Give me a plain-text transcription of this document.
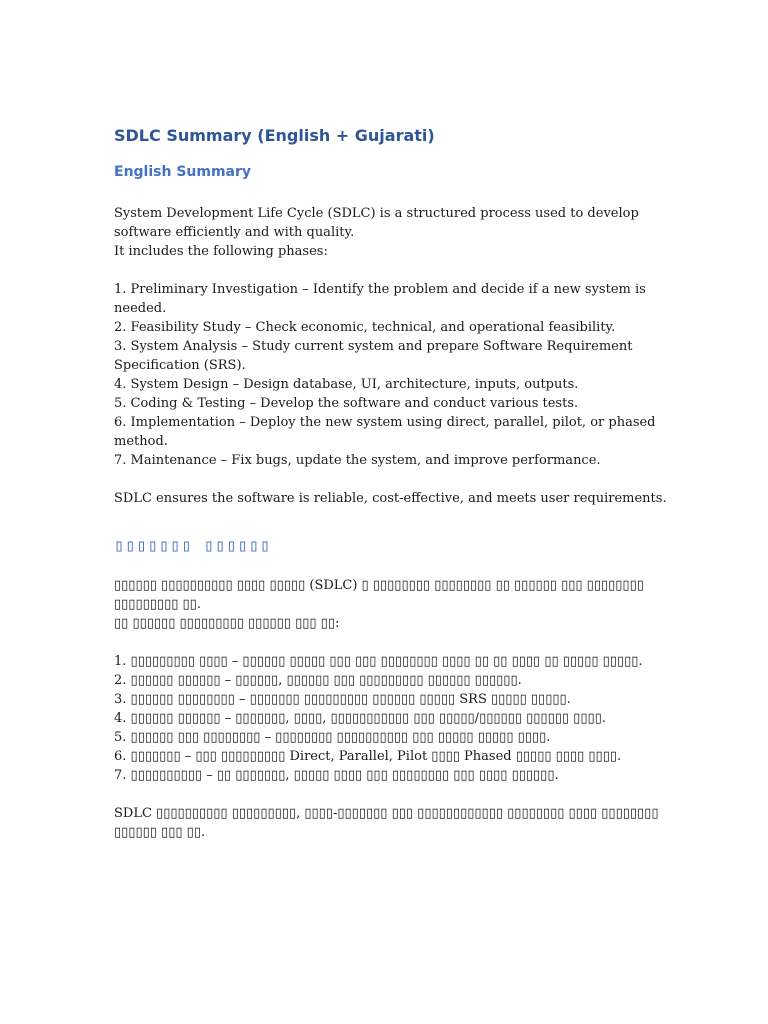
SDLC Summary (English + Gujarati)
English Summary

System Development Life Cycle (SDLC) is a structured process used to develop software efficiently and with quality.

It includes the following phases:

1. Preliminary Investigation – Identify the problem and decide if a new system is needed.

2. Feasibility Study – Check economic, technical, and operational feasibility.

3. System Analysis – Study current system and prepare Software Requirement Specification (SRS).

4. System Design – Design database, UI, architecture, inputs, outputs.

5. Coding & Testing – Develop the software and conduct various tests.

6. Implementation – Deploy the new system using direct, parallel, pilot, or phased method.

7. Maintenance – Fix bugs, update the system, and improve performance.

SDLC ensures the software is reliable, cost-effective, and meets user requirements.

▯▯▯▯▯▯▯ ▯▯▯▯▯▯

▯▯▯▯▯▯ ▯▯▯▯▯▯▯▯▯▯ ▯▯▯▯ ▯▯▯▯▯ (SDLC) ▯ ▯▯▯▯▯▯▯▯ ▯▯▯▯▯▯▯▯ ▯▯ ▯▯▯▯▯▯ ▯▯▯ ▯▯▯▯▯▯▯▯ ▯▯▯▯▯▯▯▯▯ ▯▯.

▯▯ ▯▯▯▯▯▯ ▯▯▯▯▯▯▯▯▯ ▯▯▯▯▯▯ ▯▯▯ ▯▯:

1. ▯▯▯▯▯▯▯▯▯ ▯▯▯▯ – ▯▯▯▯▯▯ ▯▯▯▯▯ ▯▯▯ ▯▯▯ ▯▯▯▯▯▯▯▯ ▯▯▯▯ ▯▯ ▯▯ ▯▯▯▯ ▯▯ ▯▯▯▯▯ ▯▯▯▯▯.

2. ▯▯▯▯▯▯ ▯▯▯▯▯▯ – ▯▯▯▯▯▯, ▯▯▯▯▯▯ ▯▯▯ ▯▯▯▯▯▯▯▯▯ ▯▯▯▯▯▯ ▯▯▯▯▯▯.

3. ▯▯▯▯▯▯ ▯▯▯▯▯▯▯▯ – ▯▯▯▯▯▯▯ ▯▯▯▯▯▯▯▯▯ ▯▯▯▯▯▯ ▯▯▯▯▯ SRS ▯▯▯▯▯ ▯▯▯▯▯.

4. ▯▯▯▯▯▯ ▯▯▯▯▯▯ – ▯▯▯▯▯▯▯, ▯▯▯▯, ▯▯▯▯▯▯▯▯▯▯▯ ▯▯▯ ▯▯▯▯▯/▯▯▯▯▯▯ ▯▯▯▯▯▯ ▯▯▯▯.

5. ▯▯▯▯▯▯ ▯▯▯ ▯▯▯▯▯▯▯▯ – ▯▯▯▯▯▯▯▯ ▯▯▯▯▯▯▯▯▯▯ ▯▯▯ ▯▯▯▯▯ ▯▯▯▯▯ ▯▯▯▯.

6. ▯▯▯▯▯▯▯ – ▯▯▯ ▯▯▯▯▯▯▯▯▯ Direct, Parallel, Pilot ▯▯▯▯ Phased ▯▯▯▯▯ ▯▯▯▯ ▯▯▯▯.

7. ▯▯▯▯▯▯▯▯▯▯ – ▯▯ ▯▯▯▯▯▯▯, ▯▯▯▯▯ ▯▯▯▯ ▯▯▯ ▯▯▯▯▯▯▯▯ ▯▯▯ ▯▯▯▯ ▯▯▯▯▯▯.

SDLC ▯▯▯▯▯▯▯▯▯▯ ▯▯▯▯▯▯▯▯▯, ▯▯▯▯-▯▯▯▯▯▯▯ ▯▯▯ ▯▯▯▯▯▯▯▯▯▯▯▯ ▯▯▯▯▯▯▯▯ ▯▯▯▯ ▯▯▯▯▯▯▯▯ ▯▯▯▯▯▯ ▯▯▯ ▯▯.
